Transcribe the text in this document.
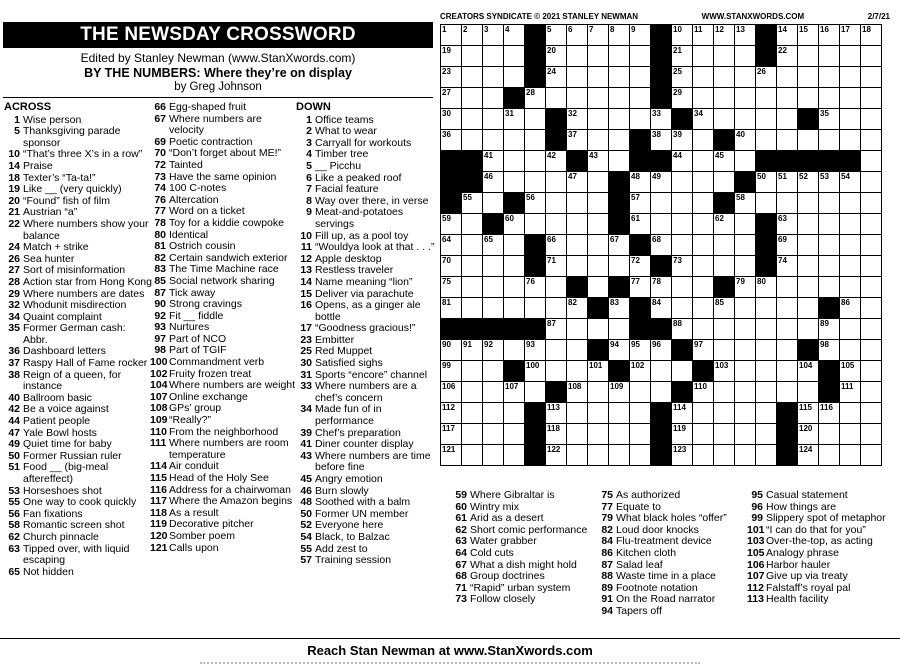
THE NEWSDAY CROSSWORD
Edited by Stanley Newman (www.StanXwords.com)
BY THE NUMBERS: Where they’re on display
by Greg Johnson
CREATORS SYNDICATE © 2021 STANLEY NEWMAN	WWW.STANXWORDS.COM	2/7/21
1 2 3 4	5 6 7 8 9	10 11 12 13	14 15 16 17 18
19	20	21	22
23	24	25	26
27	28	29
30	31	32	33	34	35
36	37	38 39	40
41	42	43	44	45
46	47	48 49	50 51 52 53 54
55	56	57	58
59	60	61	62	63
64	65	66	67	68	69
70	71	72	73	74
75	76	77 78	79 80
81	82	83	84	85	86
87	88	89
90 91 92	93	94 95 96	97	98
99	100	101	102	103	104	105
106	107	108	109	110	111
112	113	114	115 116
117	118	119	120
121	122	123	124
ACROSS
1 Wise person
5 Thanksgiving parade sponsor
10 “That’s three X’s in a row”
14 Praise
18 Texter’s “Ta-ta!”
19 Like __ (very quickly)
20 “Found” fish of film
21 Austrian “a”
22 Where numbers show your balance
24 Match + strike
26 Sea hunter
27 Sort of misinformation
28 Action star from Hong Kong
29 Where numbers are dates
32 Whodunit misdirection
34 Quaint complaint
35 Former German cash: Abbr.
36 Dashboard letters
37 Raspy Hall of Fame rocker
38 Reign of a queen, for instance
40 Ballroom basic
42 Be a voice against
44 Patient people
47 Yale Bowl hosts
49 Quiet time for baby
50 Former Russian ruler
51 Food __ (big-meal aftereffect)
53 Horseshoes shot
55 One way to cook quickly
56 Fan fixations
58 Romantic screen shot
62 Church pinnacle
63 Tipped over, with liquid escaping
65 Not hidden
66 Egg-shaped fruit
67 Where numbers are velocity
69 Poetic contraction
70 “Don’t forget about ME!”
72 Tainted
73 Have the same opinion
74 100 C-notes
76 Altercation
77 Word on a ticket
78 Toy for a kiddie cowpoke
80 Identical
81 Ostrich cousin
82 Certain sandwich exterior
83 The Time Machine race
85 Social network sharing
87 Tick away
90 Strong cravings
92 Fit __ fiddle
93 Nurtures
97 Part of NCO
98 Part of TGIF
100 Commandment verb
102 Fruity frozen treat
104 Where numbers are weight
107 Online exchange
108 GPs’ group
109 “Really?”
110 From the neighborhood
111 Where numbers are room temperature
114 Air conduit
115 Head of the Holy See
116 Address for a chairwoman
117 Where the Amazon begins
118 As a result
119 Decorative pitcher
120 Somber poem
121 Calls upon
DOWN
1 Office teams
2 What to wear
3 Carryall for workouts
4 Timber tree
5 __ Picchu
6 Like a peaked roof
7 Facial feature
8 Way over there, in verse
9 Meat-and-potatoes servings
10 Fill up, as a pool toy
11 “Wouldya look at that . . .”
12 Apple desktop
13 Restless traveler
14 Name meaning “lion”
15 Deliver via parachute
16 Opens, as a ginger ale bottle
17 “Goodness gracious!”
23 Embitter
25 Red Muppet
30 Satisfied sighs
31 Sports “encore” channel
33 Where numbers are a chef’s concern
34 Made fun of in performance
39 Chef’s preparation
41 Diner counter display
43 Where numbers are time before fine
45 Angry emotion
46 Burn slowly
48 Soothed with a balm
50 Former UN member
52 Everyone here
54 Black, to Balzac
55 Add zest to
57 Training session
59 Where Gibraltar is
60 Wintry mix
61 Arid as a desert
62 Short comic performance
63 Water grabber
64 Cold cuts
67 What a dish might hold
68 Group doctrines
71 “Rapid” urban system
73 Follow closely
75 As authorized
77 Equate to
79 What black holes “offer”
82 Loud door knocks
84 Flu-treatment device
86 Kitchen cloth
87 Salad leaf
88 Waste time in a place
89 Footnote notation
91 On the Road narrator
94 Tapers off
95 Casual statement
96 How things are
99 Slippery spot of metaphor
101 “I can do that for you”
103 Over-the-top, as acting
105 Analogy phrase
106 Harbor hauler
107 Give up via treaty
112 Falstaff’s royal pal
113 Health facility
Reach Stan Newman at www.StanXwords.com
